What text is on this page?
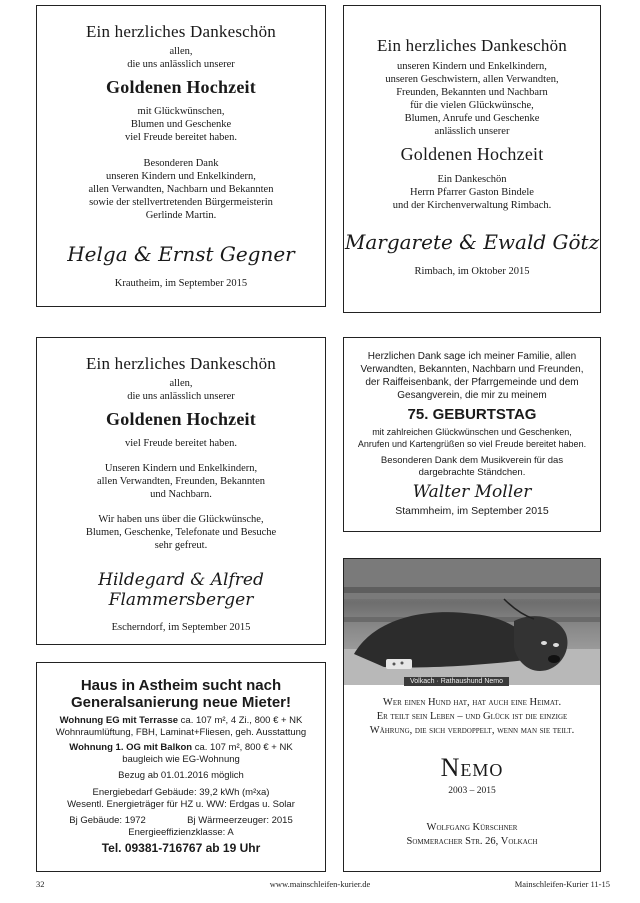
Ein herzliches Dankeschön
allen,
die uns anlässlich unserer
Goldenen Hochzeit
mit Glückwünschen,
Blumen und Geschenke
viel Freude bereitet haben.
Besonderen Dank
unseren Kindern und Enkelkindern,
allen Verwandten, Nachbarn und Bekannten
sowie der stellvertretenden Bürgermeisterin
Gerlinde Martin.
Helga & Ernst Gegner
Krautheim, im September 2015
Ein herzliches Dankeschön
unseren Kindern und Enkelkindern,
unseren Geschwistern, allen Verwandten,
Freunden, Bekannten und Nachbarn
für die vielen Glückwünsche,
Blumen, Anrufe und Geschenke
anlässlich unserer
Goldenen Hochzeit
Ein Dankeschön
Herrn Pfarrer Gaston Bindele
und der Kirchenverwaltung Rimbach.
Margarete & Ewald Götz
Rimbach, im Oktober 2015
Ein herzliches Dankeschön
allen,
die uns anlässlich unserer
Goldenen Hochzeit
viel Freude bereitet haben.
Unseren Kindern und Enkelkindern,
allen Verwandten, Freunden, Bekannten
und Nachbarn.
Wir haben uns über die Glückwünsche,
Blumen, Geschenke, Telefonate und Besuche
sehr gefreut.
Hildegard & Alfred Flammersberger
Escherndorf, im September 2015
Herzlichen Dank sage ich meiner Familie, allen
Verwandten, Bekannten, Nachbarn und Freunden,
der Raiffeisenbank, der Pfarrgemeinde und dem
Gesangverein, die mir zu meinem
75. GEBURTSTAG
mit zahlreichen Glückwünschen und Geschenken,
Anrufen und Kartengrüßen so viel Freude bereitet haben.
Besonderen Dank dem Musikverein für das
dargebrachte Ständchen.
Walter Moller
Stammheim, im September 2015
Haus in Astheim sucht nach
Generalsanierung neue Mieter!
Wohnung EG mit Terrasse ca. 107 m², 4 Zi., 800 € + NK
Wohnraumlüftung, FBH, Laminat+Fliesen, geh. Ausstattung
Wohnung 1. OG mit Balkon ca. 107 m², 800 € + NK
baugleich wie EG-Wohnung
Bezug ab 01.01.2016 möglich
Energiebedarf Gebäude: 39,2 kWh (m²xa)
Wesentl. Energieträger für HZ u. WW: Erdgas u. Solar
Bj Gebäude: 1972	Bj Wärmeerzeuger: 2015
Energieeffizienzklasse: A
Tel. 09381-716767 ab 19 Uhr
Volkach · Rathaushund Nemo
Wer einen Hund hat, hat auch eine Heimat.
Er teilt sein Leben – und Glück ist die einzige
Währung, die sich verdoppelt, wenn man sie teilt.
Nemo
2003 – 2015
Wolfgang Kürschner
Sommeracher Str. 26, Volkach
32	www.mainschleifen-kurier.de	Mainschleifen-Kurier 11-15
